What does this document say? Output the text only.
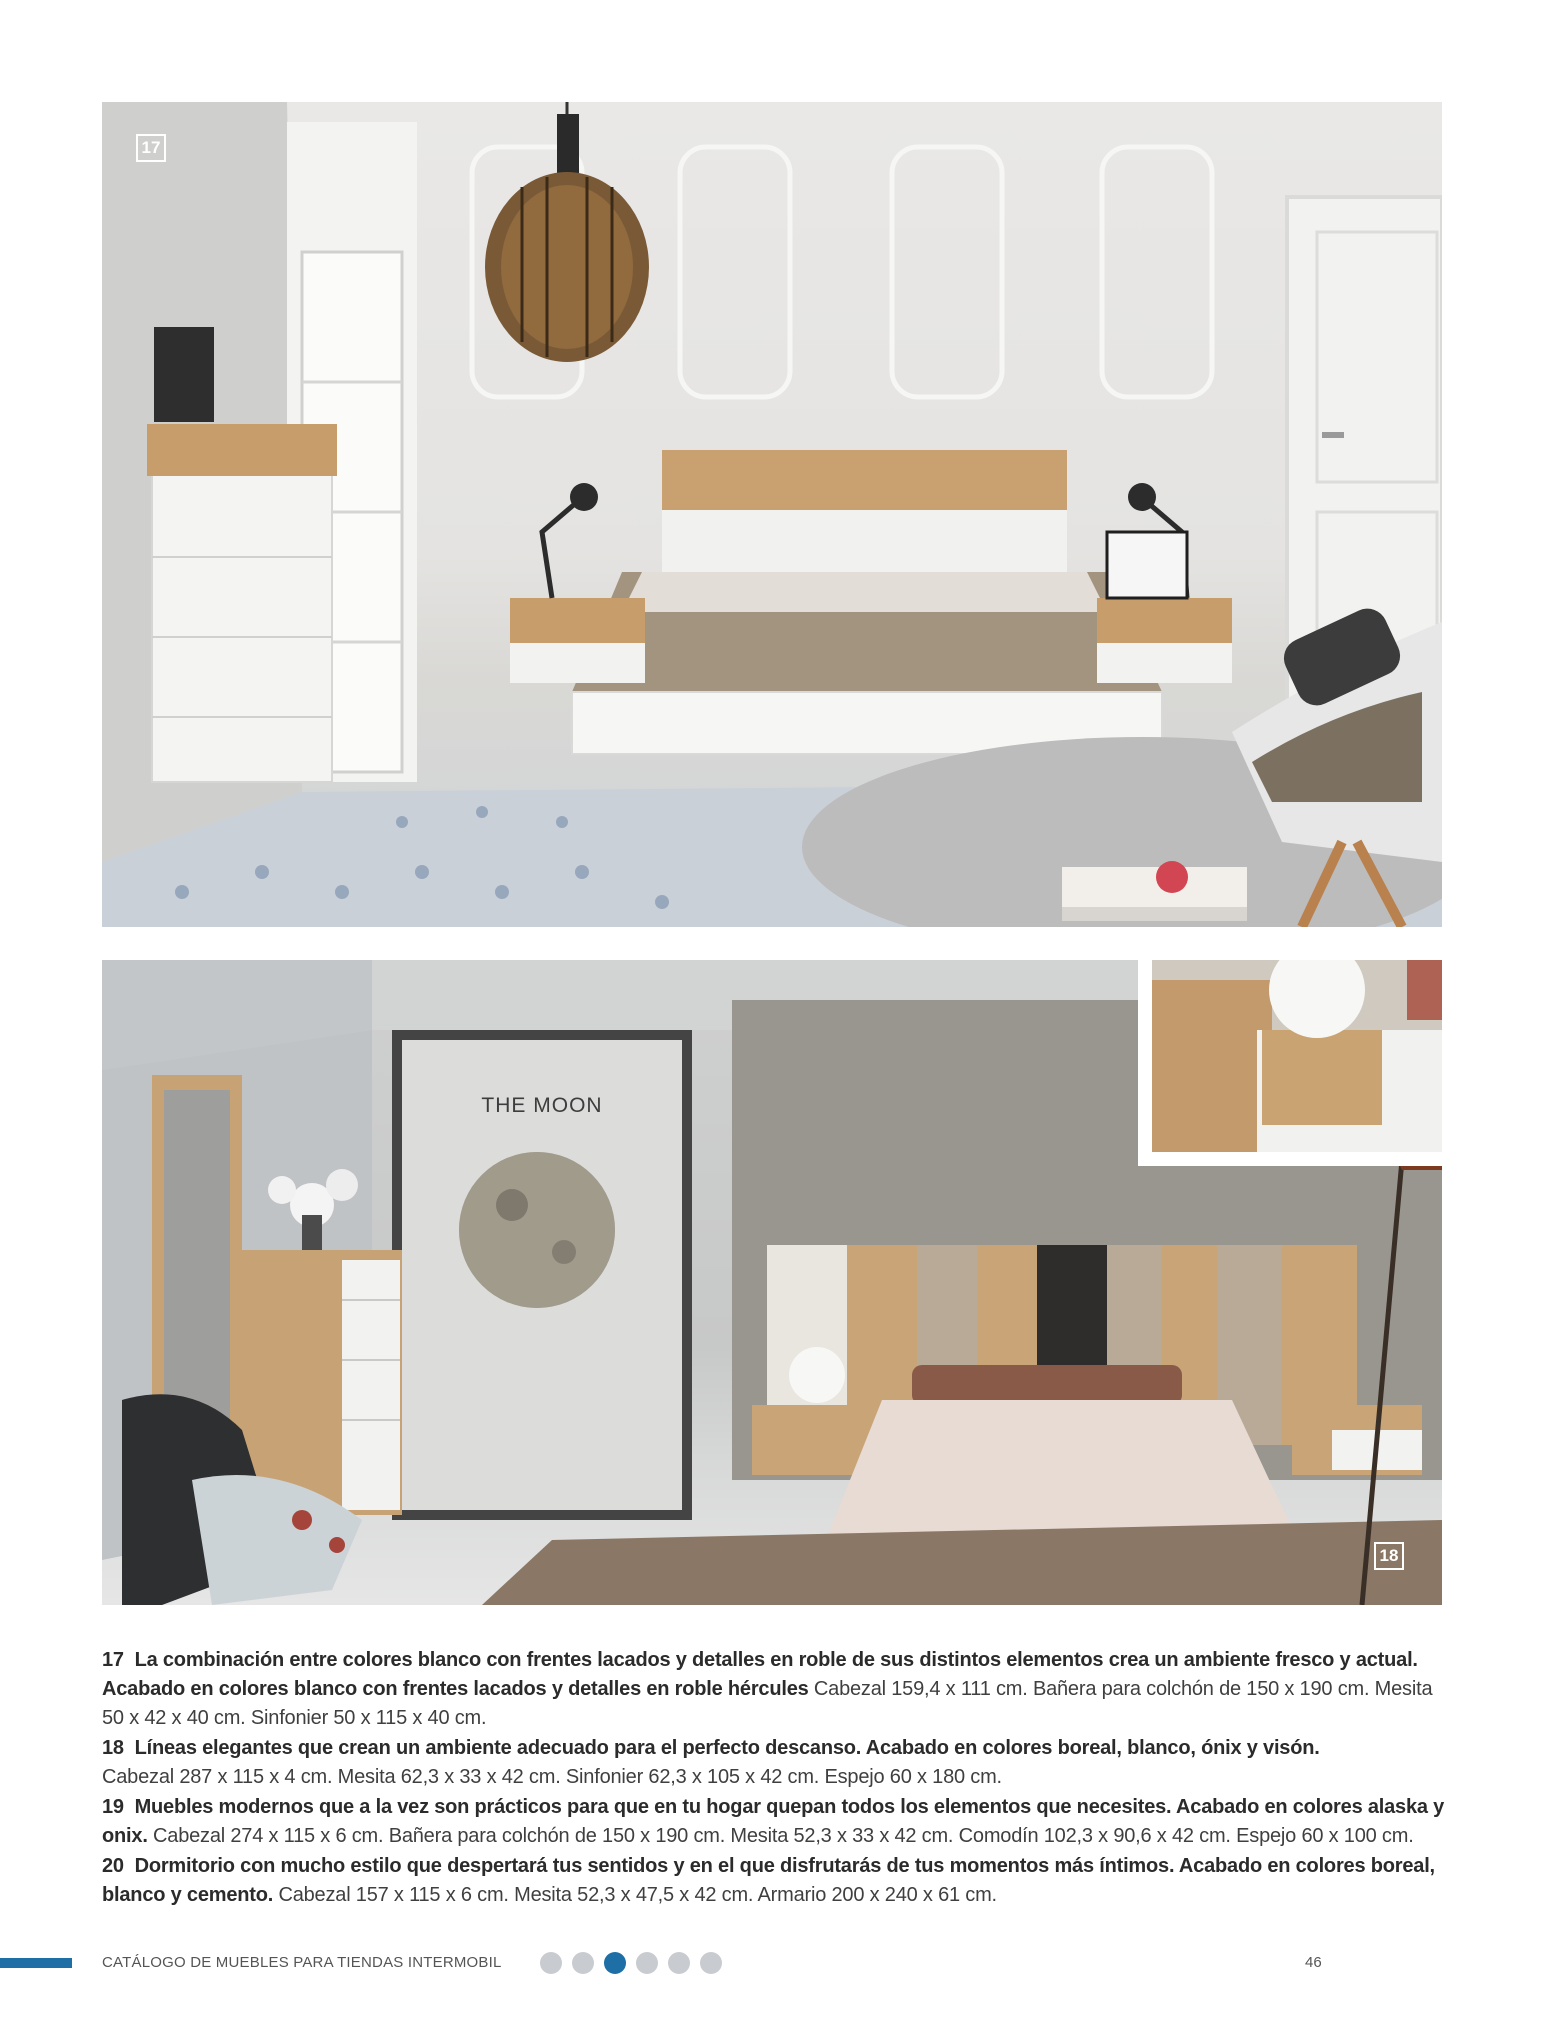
17
18
THE MOON

17 La combinación entre colores blanco con frentes lacados y detalles en roble de sus distintos elementos crea un ambiente fresco y actual. Acabado en colores blanco con frentes lacados y detalles en roble hércules Cabezal 159,4 x 111 cm. Bañera para colchón de 150 x 190 cm. Mesita 50 x 42 x 40 cm. Sinfonier 50 x 115 x 40 cm.

18 Líneas elegantes que crean un ambiente adecuado para el perfecto descanso. Acabado en colores boreal, blanco, ónix y visón.
Cabezal 287 x 115 x 4 cm. Mesita 62,3 x 33 x 42 cm. Sinfonier 62,3 x 105 x 42 cm. Espejo 60 x 180 cm.

19 Muebles modernos que a la vez son prácticos para que en tu hogar quepan todos los elementos que necesites. Acabado en colores alaska y onix. Cabezal 274 x 115 x 6 cm. Bañera para colchón de 150 x 190 cm. Mesita 52,3 x 33 x 42 cm. Comodín 102,3 x 90,6 x 42 cm. Espejo 60 x 100 cm.

20 Dormitorio con mucho estilo que despertará tus sentidos y en el que disfrutarás de tus momentos más íntimos. Acabado en colores boreal, blanco y cemento. Cabezal 157 x 115 x 6 cm. Mesita 52,3 x 47,5 x 42 cm. Armario 200 x 240 x 61 cm.

CATÁLOGO DE MUEBLES PARA TIENDAS INTERMOBIL	46
